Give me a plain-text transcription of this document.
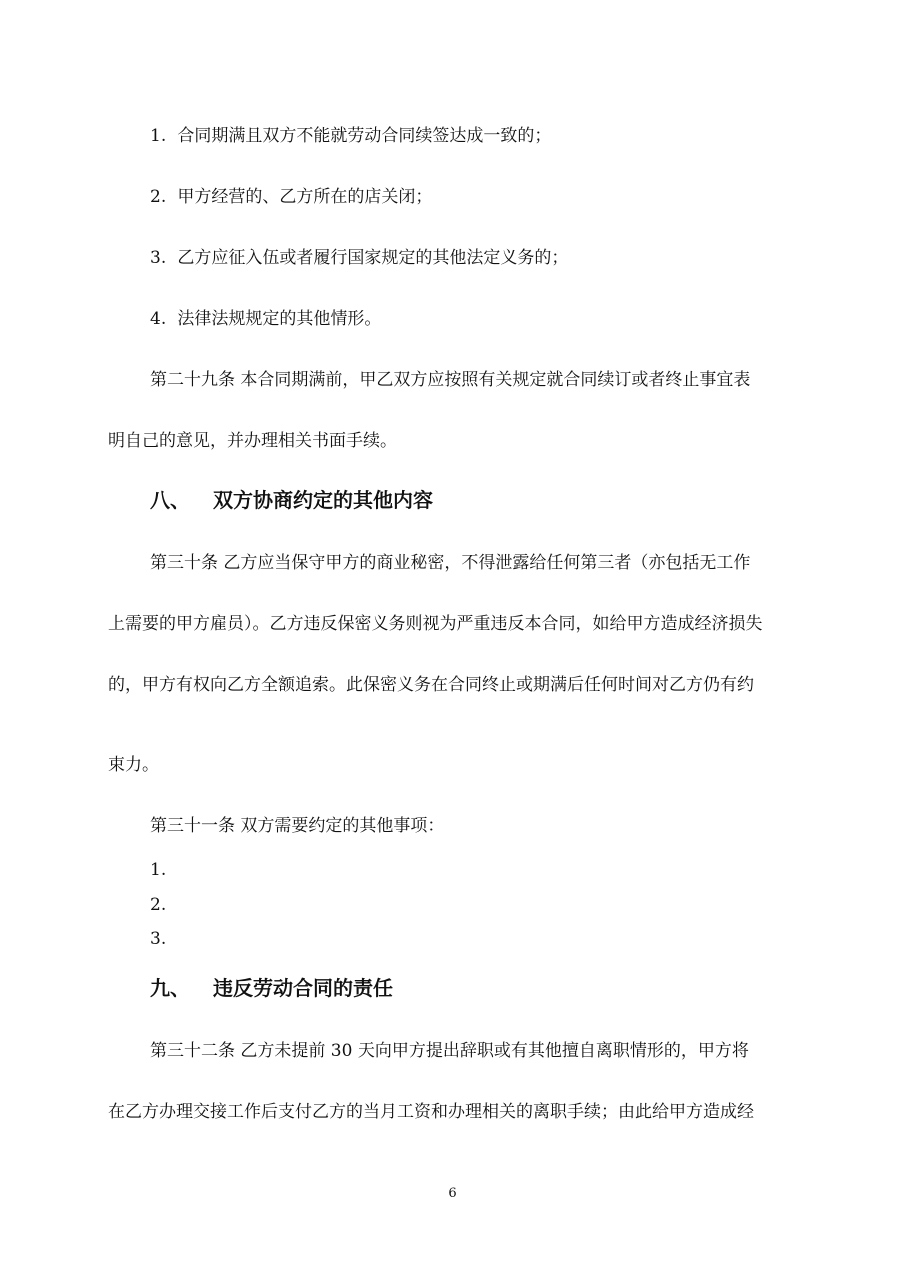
1. 合同期满且双方不能就劳动合同续签达成一致的；

2. 甲方经营的、乙方所在的店关闭；

3. 乙方应征入伍或者履行国家规定的其他法定义务的；

4. 法律法规规定的其他情形。

第二十九条 本合同期满前，甲乙双方应按照有关规定就合同续订或者终止事宜表

明自己的意见，并办理相关书面手续。

八、 双方协商约定的其他内容

第三十条 乙方应当保守甲方的商业秘密，不得泄露给任何第三者（亦包括无工作

上需要的甲方雇员）。乙方违反保密义务则视为严重违反本合同，如给甲方造成经济损失

的，甲方有权向乙方全额追索。此保密义务在合同终止或期满后任何时间对乙方仍有约

束力。

第三十一条 双方需要约定的其他事项：

1.

2.

3.

九、 违反劳动合同的责任

第三十二条 乙方未提前 30 天向甲方提出辞职或有其他擅自离职情形的，甲方将

在乙方办理交接工作后支付乙方的当月工资和办理相关的离职手续；由此给甲方造成经

6
